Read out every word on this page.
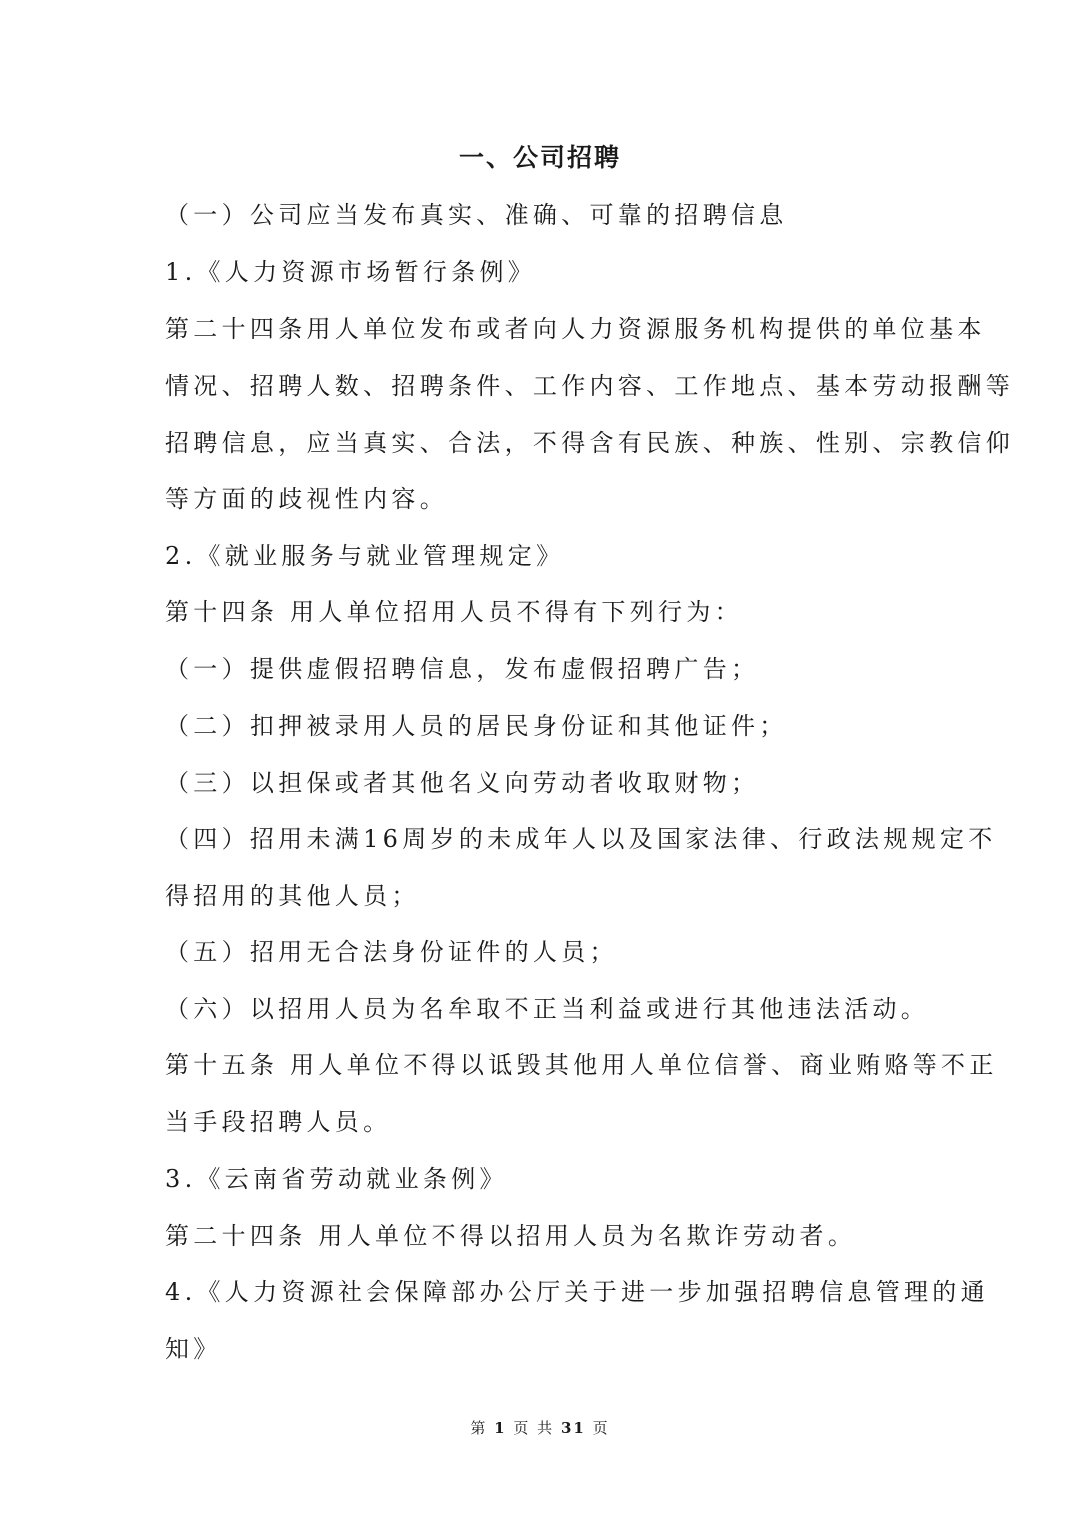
一、公司招聘
（一）公司应当发布真实、准确、可靠的招聘信息
1.《人力资源市场暂行条例》
第二十四条用人单位发布或者向人力资源服务机构提供的单位基本
情况、招聘人数、招聘条件、工作内容、工作地点、基本劳动报酬等
招聘信息，应当真实、合法，不得含有民族、种族、性别、宗教信仰
等方面的歧视性内容。
2.《就业服务与就业管理规定》
第十四条 用人单位招用人员不得有下列行为：
（一）提供虚假招聘信息，发布虚假招聘广告；
（二）扣押被录用人员的居民身份证和其他证件；
（三）以担保或者其他名义向劳动者收取财物；
（四）招用未满16周岁的未成年人以及国家法律、行政法规规定不
得招用的其他人员；
（五）招用无合法身份证件的人员；
（六）以招用人员为名牟取不正当利益或进行其他违法活动。
第十五条 用人单位不得以诋毁其他用人单位信誉、商业贿赂等不正
当手段招聘人员。
3.《云南省劳动就业条例》
第二十四条 用人单位不得以招用人员为名欺诈劳动者。
4.《人力资源社会保障部办公厅关于进一步加强招聘信息管理的通
知》
第 1 页 共 31 页
